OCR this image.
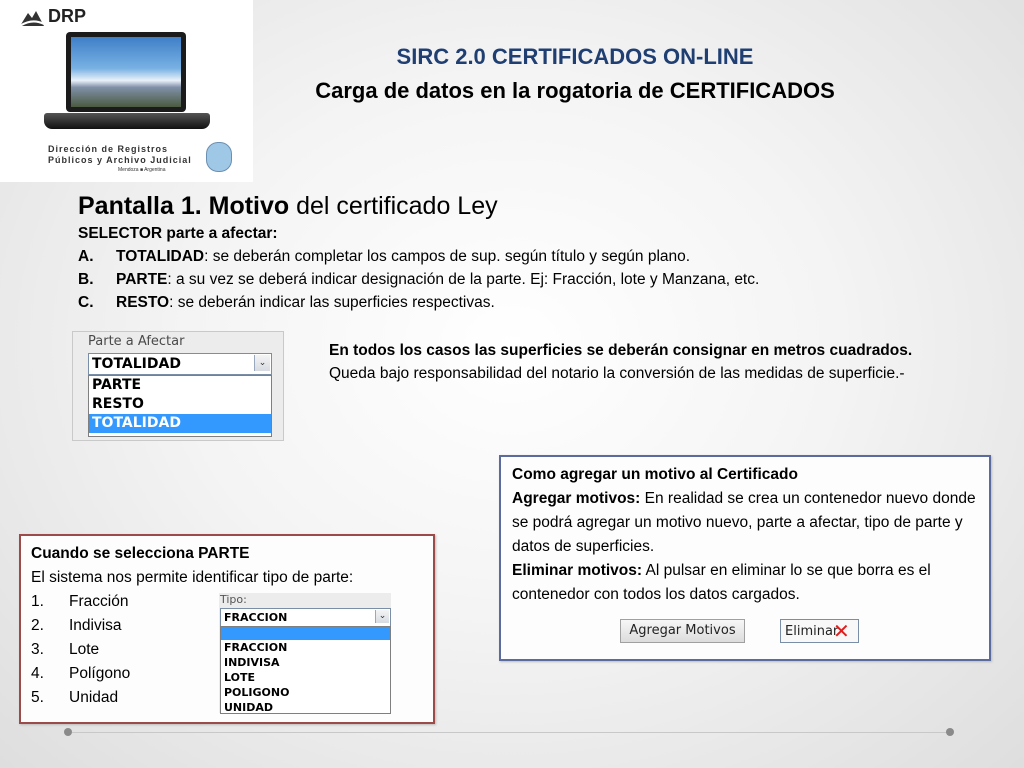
DRP
Dirección de Registros
Públicos y Archivo Judicial
Mendoza ■ Argentina
SIRC 2.0 CERTIFICADOS ON-LINE
Carga de datos en la rogatoria de CERTIFICADOS
Pantalla 1. Motivo del certificado Ley
SELECTOR parte a afectar:
A.	TOTALIDAD: se deberán completar los campos de sup. según título y según plano.
B.	PARTE: a su vez se deberá indicar designación de la parte. Ej: Fracción, lote y Manzana, etc.
C.	RESTO: se deberán indicar las superficies respectivas.
Parte a Afectar
TOTALIDAD	⌄
PARTE
RESTO
TOTALIDAD
En todos los casos las superficies se deberán consignar en metros cuadrados.
Queda bajo responsabilidad del notario la conversión de las medidas de superficie.-
Como agregar un motivo al Certificado
Agregar motivos: En realidad se crea un contenedor nuevo donde se podrá agregar un motivo nuevo, parte a afectar, tipo de parte y datos de superficies.
Eliminar motivos: Al pulsar en eliminar lo se que borra es el contenedor con todos los datos cargados.
Agregar Motivos	Eliminar
✕
Cuando se selecciona PARTE
El sistema nos permite identificar tipo de parte:
1.	Fracción
2.	Indivisa
3.	Lote
4.	Polígono
5.	Unidad
Tipo:
FRACCION	⌄
FRACCION
INDIVISA
LOTE
POLIGONO
UNIDAD
